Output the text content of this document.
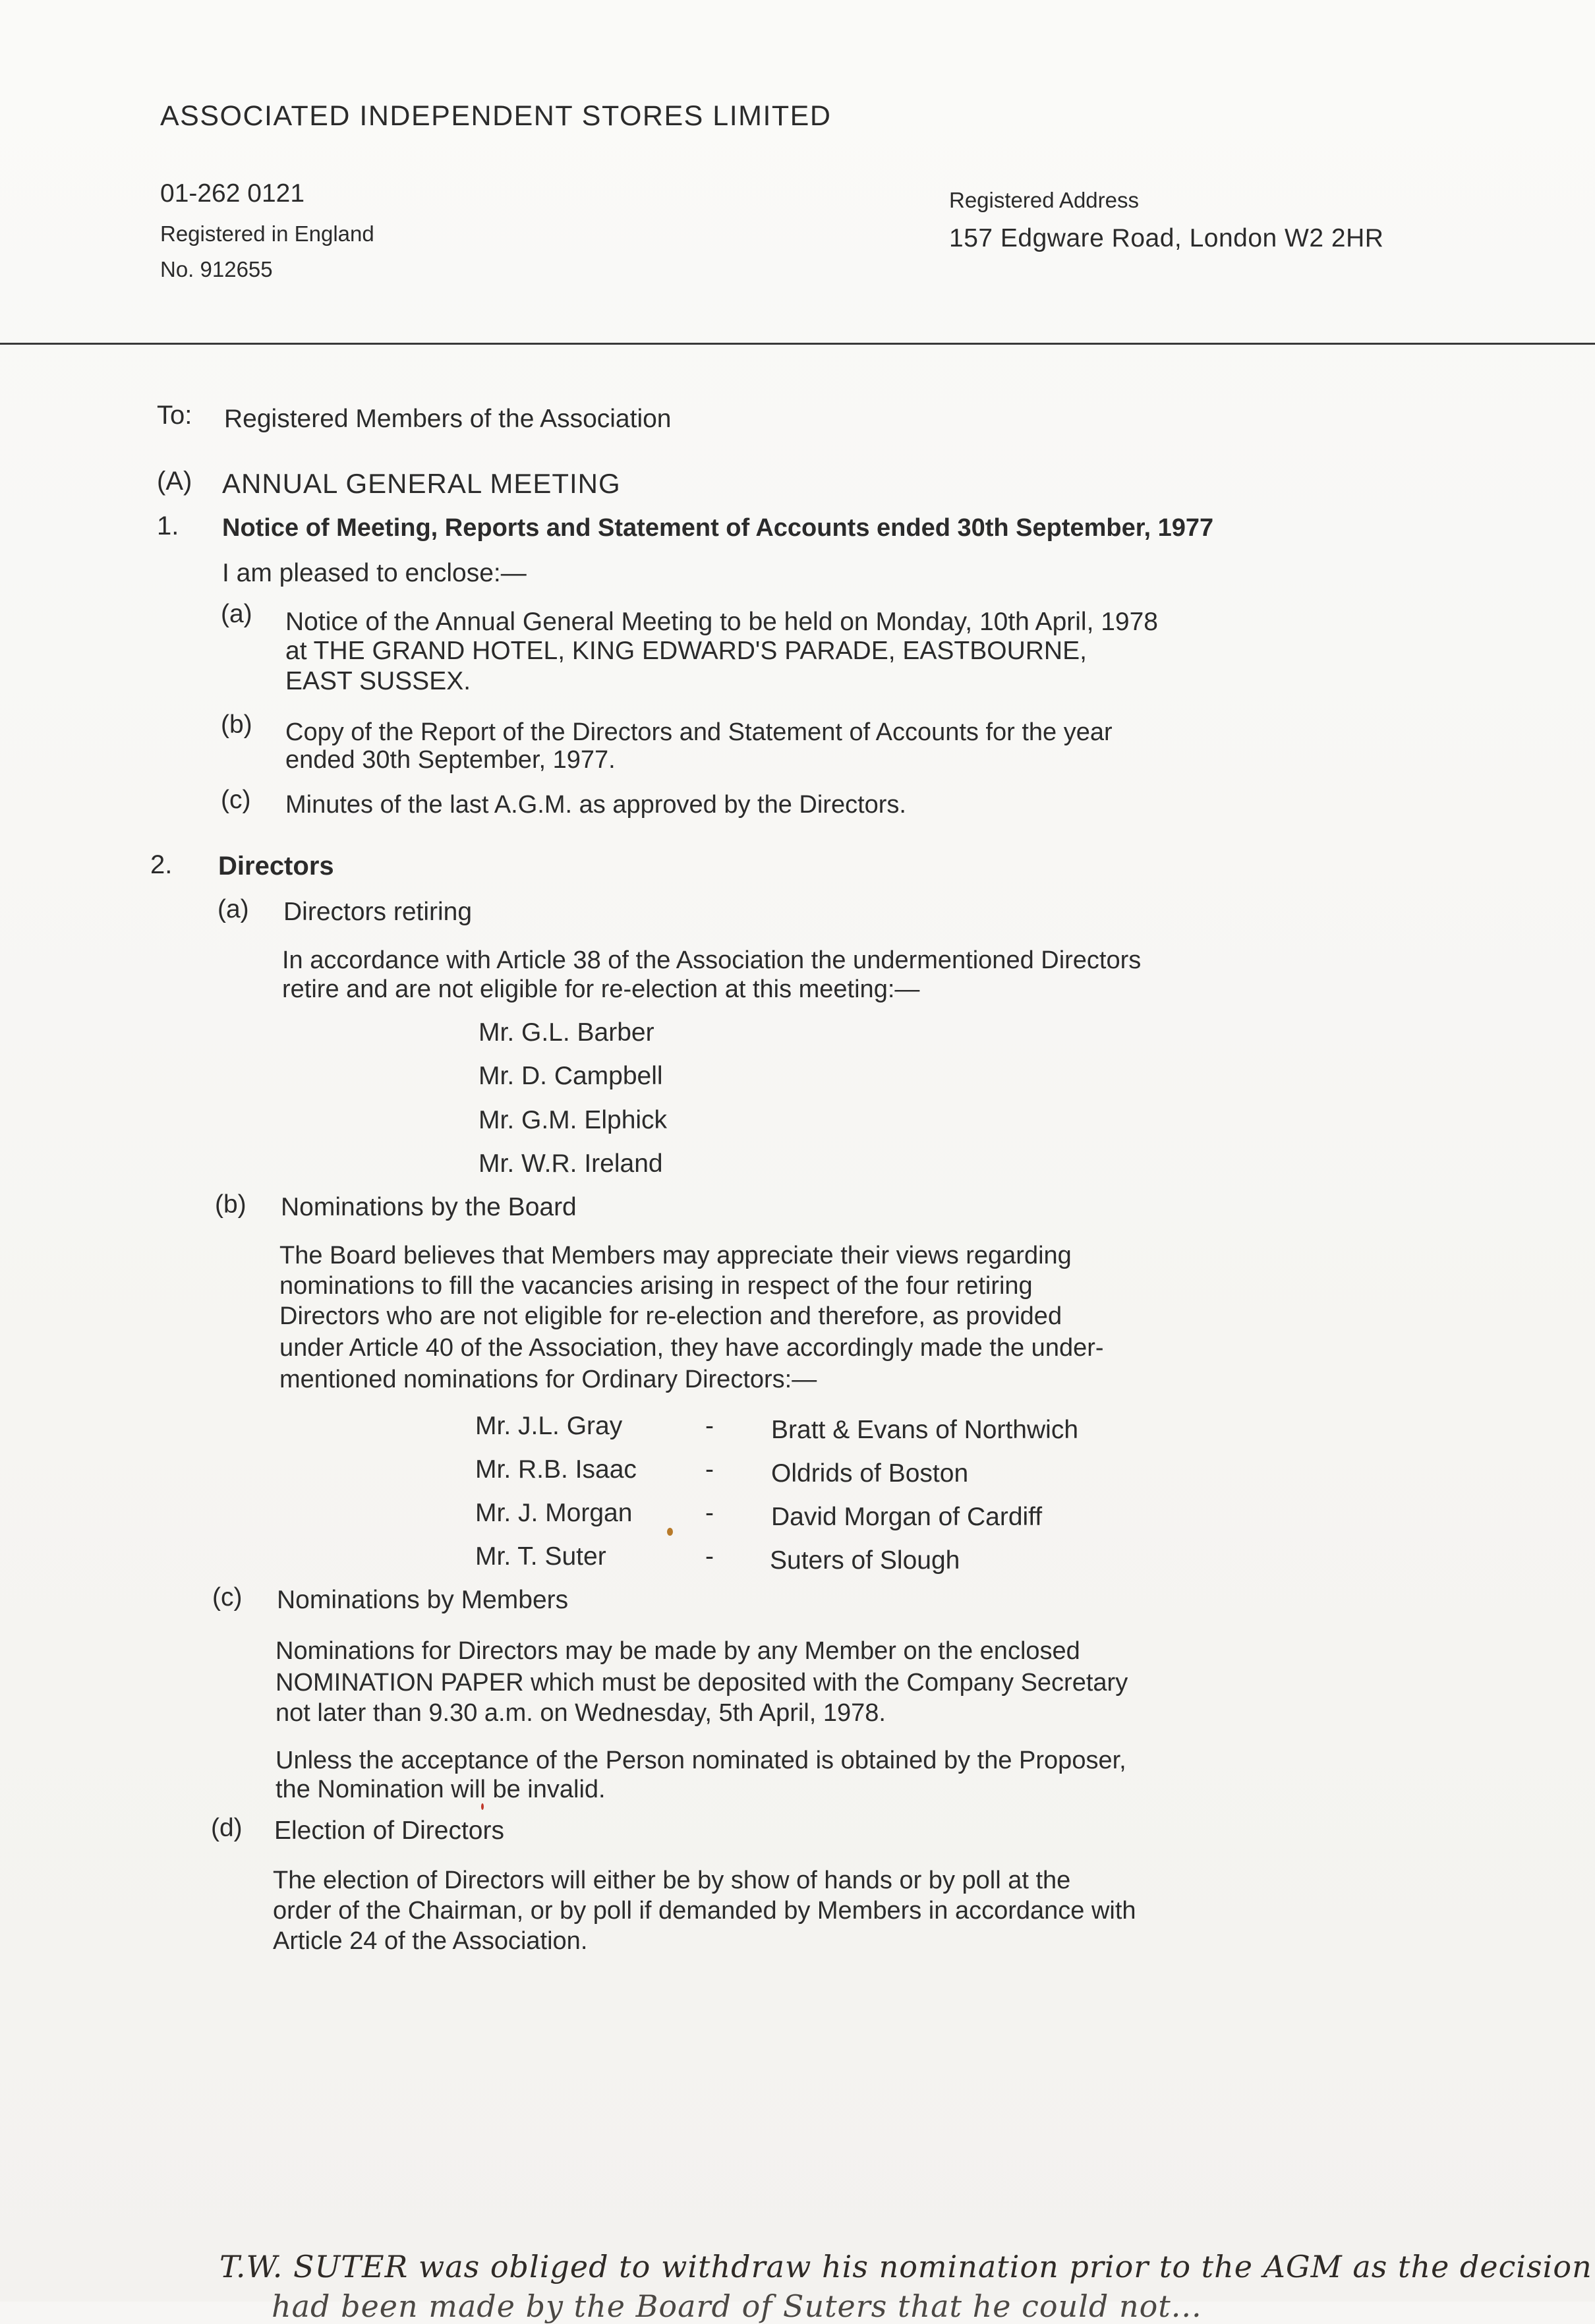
ASSOCIATED INDEPENDENT STORES LIMITED
01-262 0121
Registered in England
No. 912655
Registered Address
157 Edgware Road, London W2 2HR
To: Registered Members of the Association
(A) ANNUAL GENERAL MEETING
1. Notice of Meeting, Reports and Statement of Accounts ended 30th September, 1977
I am pleased to enclose:—
(a) Notice of the Annual General Meeting to be held on Monday, 10th April, 1978
at THE GRAND HOTEL, KING EDWARD'S PARADE, EASTBOURNE,
EAST SUSSEX.
(b) Copy of the Report of the Directors and Statement of Accounts for the year
ended 30th September, 1977.
(c) Minutes of the last A.G.M. as approved by the Directors.
2. Directors
(a) Directors retiring
In accordance with Article 38 of the Association the undermentioned Directors
retire and are not eligible for re-election at this meeting:—
Mr. G.L. Barber
Mr. D. Campbell
Mr. G.M. Elphick
Mr. W.R. Ireland
(b) Nominations by the Board
The Board believes that Members may appreciate their views regarding
nominations to fill the vacancies arising in respect of the four retiring
Directors who are not eligible for re-election and therefore, as provided
under Article 40 of the Association, they have accordingly made the under-
mentioned nominations for Ordinary Directors:—
Mr. J.L. Gray	- Bratt & Evans of Northwich
Mr. R.B. Isaac	- Oldrids of Boston
Mr. J. Morgan	- David Morgan of Cardiff
Mr. T. Suter	- Suters of Slough
(c) Nominations by Members
Nominations for Directors may be made by any Member on the enclosed
NOMINATION PAPER which must be deposited with the Company Secretary
not later than 9.30 a.m. on Wednesday, 5th April, 1978.
Unless the acceptance of the Person nominated is obtained by the Proposer,
the Nomination will be invalid.
(d) Election of Directors
The election of Directors will either be by show of hands or by poll at the
order of the Chairman, or by poll if demanded by Members in accordance with
Article 24 of the Association.
T.W. SUTER was obliged to withdraw his nomination prior to the AGM as the decision
had been made by the Board of Suters that he could not...
